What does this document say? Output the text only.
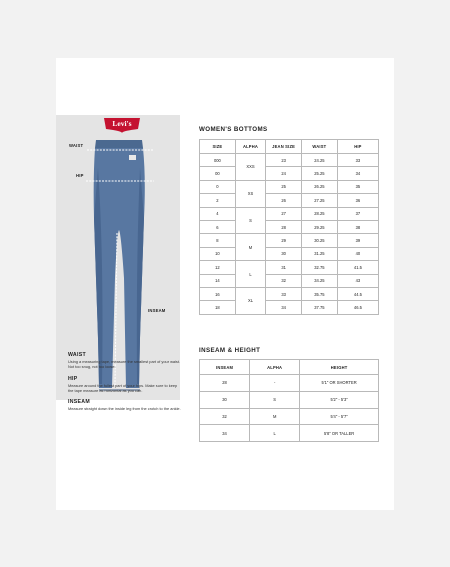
Levi's
WAIST
HIP
INSEAM
WAIST

Using a measuring tape, measure the smallest part of your waist. Not too snug, not too loose.

HIP

Measure around the fullest part of your hips. Make sure to keep the tape measure as horizontal as you can.

INSEAM

Measure straight down the inside leg from the crotch to the ankle.

WOMEN'S BOTTOMS
SIZE	ALPHA	JEAN SIZE	WAIST	HIP
000	XXS	23	24.25	33
00		24	25.25	34
0	XS	25	26.25	35
2		26	27.25	36
4	S	27	28.25	37
6		28	29.25	38
8	M	29	30.25	39
10		30	31.25	40
12	L	31	32.75	41.5
14		32	34.25	43
16	XL	33	35.75	44.5
18		34	37.75	46.5
INSEAM & HEIGHT
INSEAM	ALPHA	HEIGHT
28	-	5'1" OR SHORTER
30	S	5'2" - 5'3"
32	M	5'4" - 5'7"
34	L	5'8" OR TALLER
